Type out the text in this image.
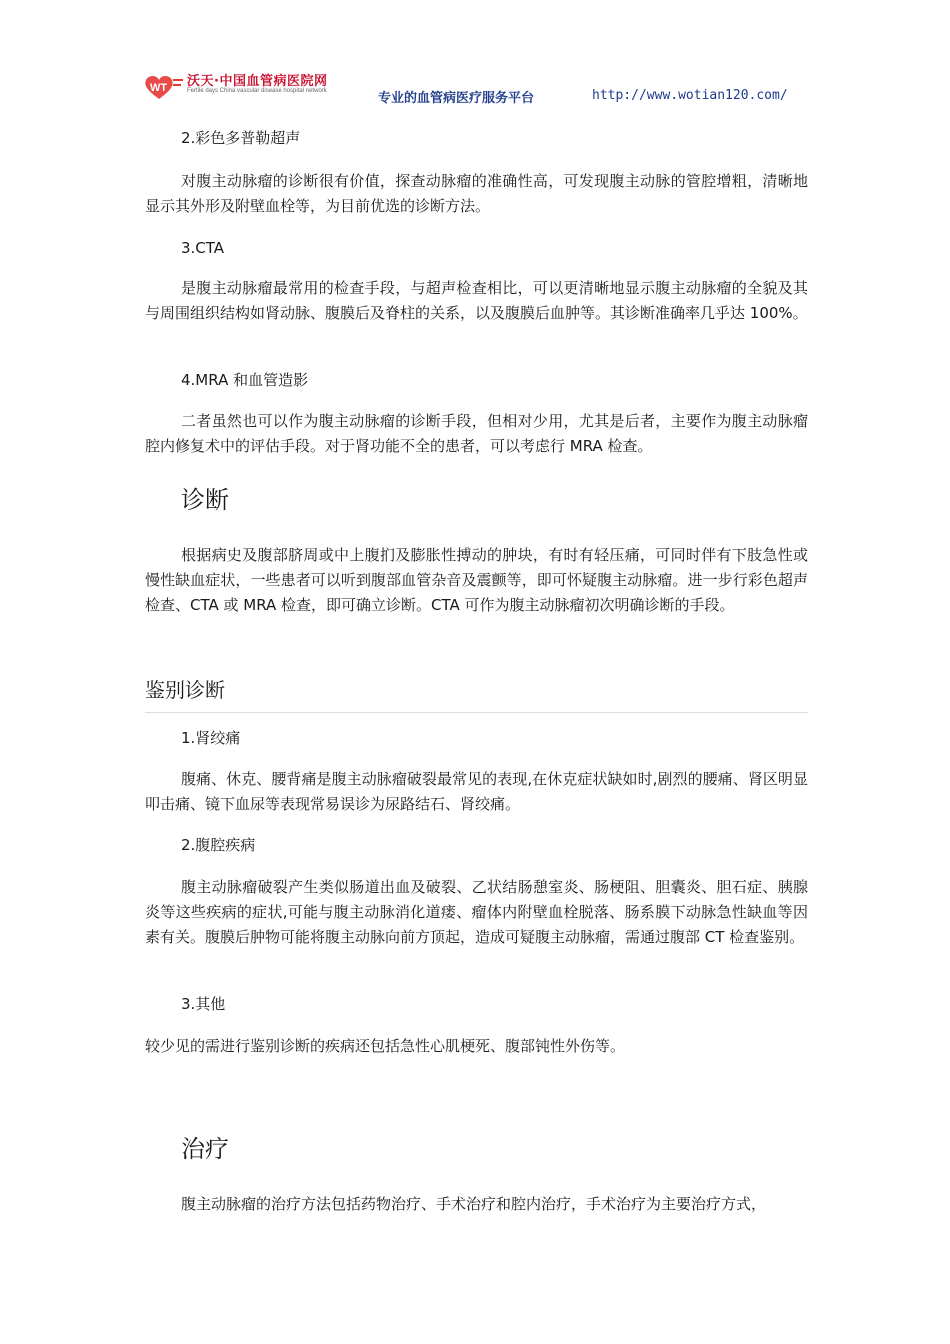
WT 沃天·中国血管病医院网
Fertile days China vascular disease hospital network	专业的血管病医疗服务平台	http://www.wotian120.com/
2.彩色多普勒超声

对腹主动脉瘤的诊断很有价值，探查动脉瘤的准确性高，可发现腹主动脉的管腔增粗，清晰地显示其外形及附壁血栓等，为目前优选的诊断方法。

3.CTA

是腹主动脉瘤最常用的检查手段，与超声检查相比，可以更清晰地显示腹主动脉瘤的全貌及其与周围组织结构如肾动脉、腹膜后及脊柱的关系，以及腹膜后血肿等。其诊断准确率几乎达 100%。

4.MRA 和血管造影

二者虽然也可以作为腹主动脉瘤的诊断手段，但相对少用，尤其是后者，主要作为腹主动脉瘤腔内修复术中的评估手段。对于肾功能不全的患者，可以考虑行 MRA 检查。

诊断

根据病史及腹部脐周或中上腹扪及膨胀性搏动的肿块，有时有轻压痛，可同时伴有下肢急性或慢性缺血症状，一些患者可以听到腹部血管杂音及震颤等，即可怀疑腹主动脉瘤。进一步行彩色超声检查、CTA 或 MRA 检查，即可确立诊断。CTA 可作为腹主动脉瘤初次明确诊断的手段。

鉴别诊断
1.肾绞痛

腹痛、休克、腰背痛是腹主动脉瘤破裂最常见的表现,在休克症状缺如时,剧烈的腰痛、肾区明显叩击痛、镜下血尿等表现常易误诊为尿路结石、肾绞痛。

2.腹腔疾病

腹主动脉瘤破裂产生类似肠道出血及破裂、乙状结肠憩室炎、肠梗阻、胆囊炎、胆石症、胰腺炎等这些疾病的症状,可能与腹主动脉消化道瘘、瘤体内附壁血栓脱落、肠系膜下动脉急性缺血等因素有关。腹膜后肿物可能将腹主动脉向前方顶起，造成可疑腹主动脉瘤，需通过腹部 CT 检查鉴别。

3.其他

较少见的需进行鉴别诊断的疾病还包括急性心肌梗死、腹部钝性外伤等。

治疗

腹主动脉瘤的治疗方法包括药物治疗、手术治疗和腔内治疗，手术治疗为主要治疗方式，
